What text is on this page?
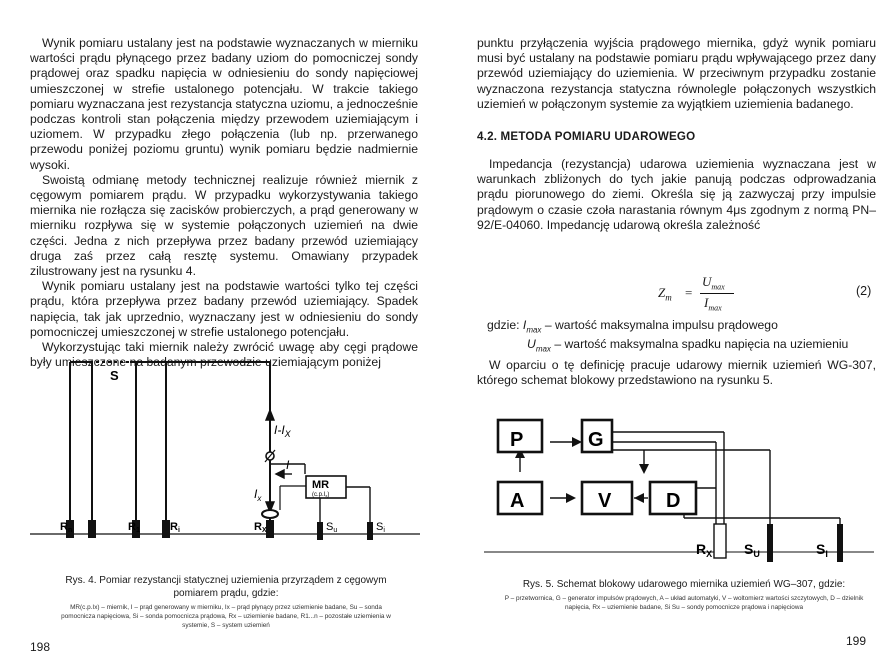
Wynik pomiaru ustalany jest na podstawie wyznaczanych w mierniku wartości prądu płynącego przez badany uziom do pomocniczej sondy prądowej oraz spadku napięcia w odniesieniu do sondy napięciowej umieszczonej w strefie ustalonego potencjału. W trakcie takiego pomiaru wyznaczana jest rezystancja statyczna uziomu, a jednocześnie podczas kontroli stan połączenia między przewodem uziemiającym i uziomem. W przypadku złego połączenia (lub np. przerwanego przewodu poniżej poziomu gruntu) wynik pomiaru będzie nadmiernie wysoki.

Swoistą odmianę metody technicznej realizuje również miernik z cęgowym pomiarem prądu. W przypadku wykorzystywania takiego miernika nie rozłącza się zacisków probierczych, a prąd generowany w mierniku rozpływa się w systemie połączonych uziemień na dwie części. Jedna z nich przepływa przez badany przewód uziemiający druga zaś przez całą resztę systemu. Omawiany przypadek zilustrowany jest na rysunku 4.

Wynik pomiaru ustalany jest na podstawie wartości tylko tej części prądu, która przepływa przez badany przewód uziemiający. Spadek napięcia, tak jak uprzednio, wyznaczany jest w odniesieniu do sondy pomocniczej umieszczonej w strefie ustalonego potencjału.

Wykorzystując taki miernik należy zwrócić uwagę aby cęgi prądowe były umieszczone na badanym przewodzie uziemiającym poniżej

S
$I-I_X$
I
$I_x$
MR
(c.p.Ix)
Rn	R1	Ri	RX	Su	Si
Rys. 4. Pomiar rezystancji statycznej uziemienia przyrządem z cęgowym pomiarem prądu, gdzie:
MR(c.p.Ix) – miernik, I – prąd generowany w mierniku, Ix – prąd płynący przez uziemienie badane, Su – sonda pomocnicza napięciowa, Si – sonda pomocnicza prądowa, Rx – uziemienie badane, R1...n – pozostałe uziemienia w systemie, S – system uziemień
198

punktu przyłączenia wyjścia prądowego miernika, gdyż wynik pomiaru musi być ustalany na podstawie pomiaru prądu wpływającego przez dany przewód uziemiający do uziemienia. W przeciwnym przypadku zostanie wyznaczona rezystancja statyczna równolegle połączonych wszystkich uziemień w połączonym systemie za wyjątkiem uziemienia badanego.

4.2. METODA POMIARU UDAROWEGO

Impedancja (rezystancja) udarowa uziemienia wyznaczana jest w warunkach zbliżonych do tych jakie panują podczas odprowadzania prądu piorunowego do ziemi. Określa się ją zazwyczaj przy impulsie prądowym o czasie czoła narastania równym 4μs zgodnym z normą PN–92/E-04060. Impedancję udarową określa zależność

$Z_m$ =
$U_{max}$
$I_{max}$
(2)
gdzie: $I_{max}$ – wartość maksymalna impulsu prądowego
$U_{max}$ – wartość maksymalna spadku napięcia na uziemieniu

W oparciu o tę definicję pracuje udarowy miernik uziemień WG-307, którego schemat blokowy przedstawiono na rysunku 5.

P	G
A	V	D
$R_X$ $S_U$	$S_I$
Rys. 5. Schemat blokowy udarowego miernika uziemień WG–307, gdzie:
P – przetwornica, G – generator impulsów prądowych, A – układ automatyki, V – woltomierz wartości szczytowych, D – dzielnik napięcia, Rx – uziemienie badane, Si Su – sondy pomocnicze prądowa i napięciowa
199
